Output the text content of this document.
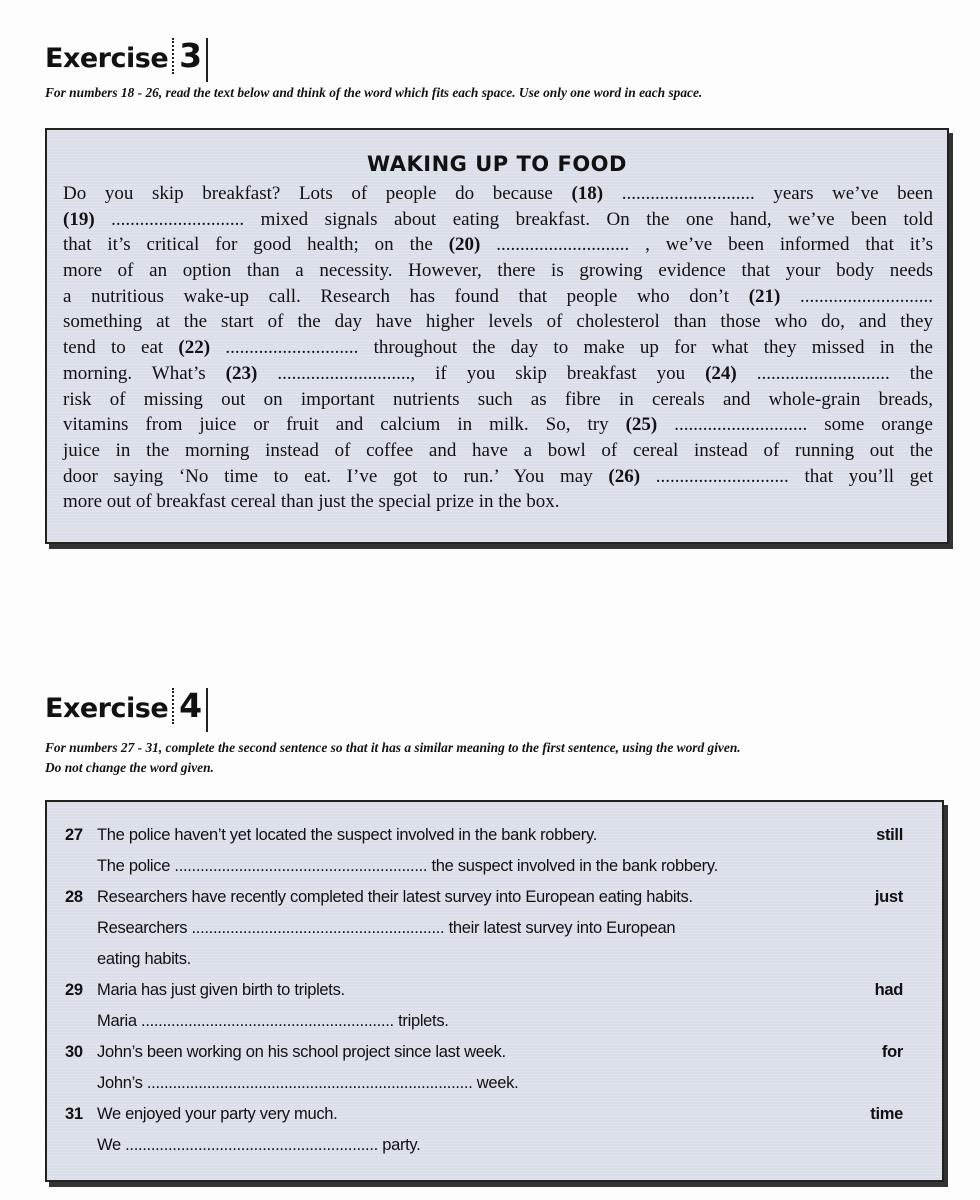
Exercise 3
For numbers 18 - 26, read the text below and think of the word which fits each space. Use only one word in each space.
WAKING UP TO FOOD
Do you skip breakfast? Lots of people do because (18) ............................ years we’ve been
(19) ............................ mixed signals about eating breakfast. On the one hand, we’ve been told
that it’s critical for good health; on the (20) ............................ , we’ve been informed that it’s
more of an option than a necessity. However, there is growing evidence that your body needs
a nutritious wake-up call. Research has found that people who don’t (21) ............................
something at the start of the day have higher levels of cholesterol than those who do, and they
tend to eat (22) ............................ throughout the day to make up for what they missed in the
morning. What’s (23) ............................, if you skip breakfast you (24) ............................ the
risk of missing out on important nutrients such as fibre in cereals and whole-grain breads,
vitamins from juice or fruit and calcium in milk. So, try (25) ............................ some orange
juice in the morning instead of coffee and have a bowl of cereal instead of running out the
door saying ‘No time to eat. I’ve got to run.’ You may (26) ............................ that you’ll get
more out of breakfast cereal than just the special prize in the box.
Exercise 4
For numbers 27 - 31, complete the second sentence so that it has a similar meaning to the first sentence, using the word given.
Do not change the word given.
27 The police haven’t yet located the suspect involved in the bank robbery.	still
The police ........................................................... the suspect involved in the bank robbery.
28 Researchers have recently completed their latest survey into European eating habits.	just
Researchers ........................................................... their latest survey into European
eating habits.
29 Maria has just given birth to triplets.	had
Maria ........................................................... triplets.
30 John’s been working on his school project since last week.	for
John’s ............................................................................ week.
31 We enjoyed your party very much.	time
We ........................................................... party.
